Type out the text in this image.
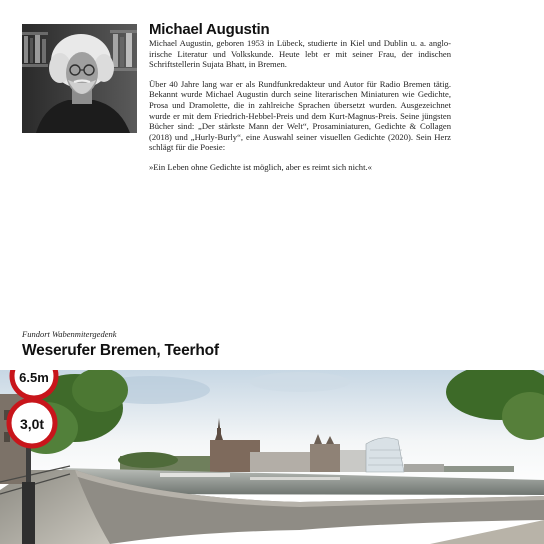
Michael Augustin

Michael Augustin, geboren 1953 in Lübeck, studierte in Kiel und Dublin u. a. anglo-irische Literatur und Volkskunde. Heute lebt er mit seiner Frau, der indischen Schriftstellerin Sujata Bhatt, in Bremen.

Über 40 Jahre lang war er als Rundfunkredakteur und Autor für Radio Bremen tätig. Bekannt wurde Michael Augustin durch seine literarischen Miniaturen wie Gedichte, Prosa und Dramolette, die in zahlreiche Sprachen übersetzt wurden. Ausgezeichnet wurde er mit dem Friedrich-Hebbel-Preis und dem Kurt-Magnus-Preis. Seine jüngsten Bücher sind: „Der stärkste Mann der Welt“, Prosaminiaturen, Gedichte & Collagen (2018) und „Hurly-Burly“, eine Auswahl seiner visuellen Gedichte (2020). Sein Herz schlägt für die Poesie:

»Ein Leben ohne Gedichte ist möglich, aber es reimt sich nicht.«

Fundort Wabenmitergedenk
Weserufer Bremen, Teerhof
6.5m
3,0t
